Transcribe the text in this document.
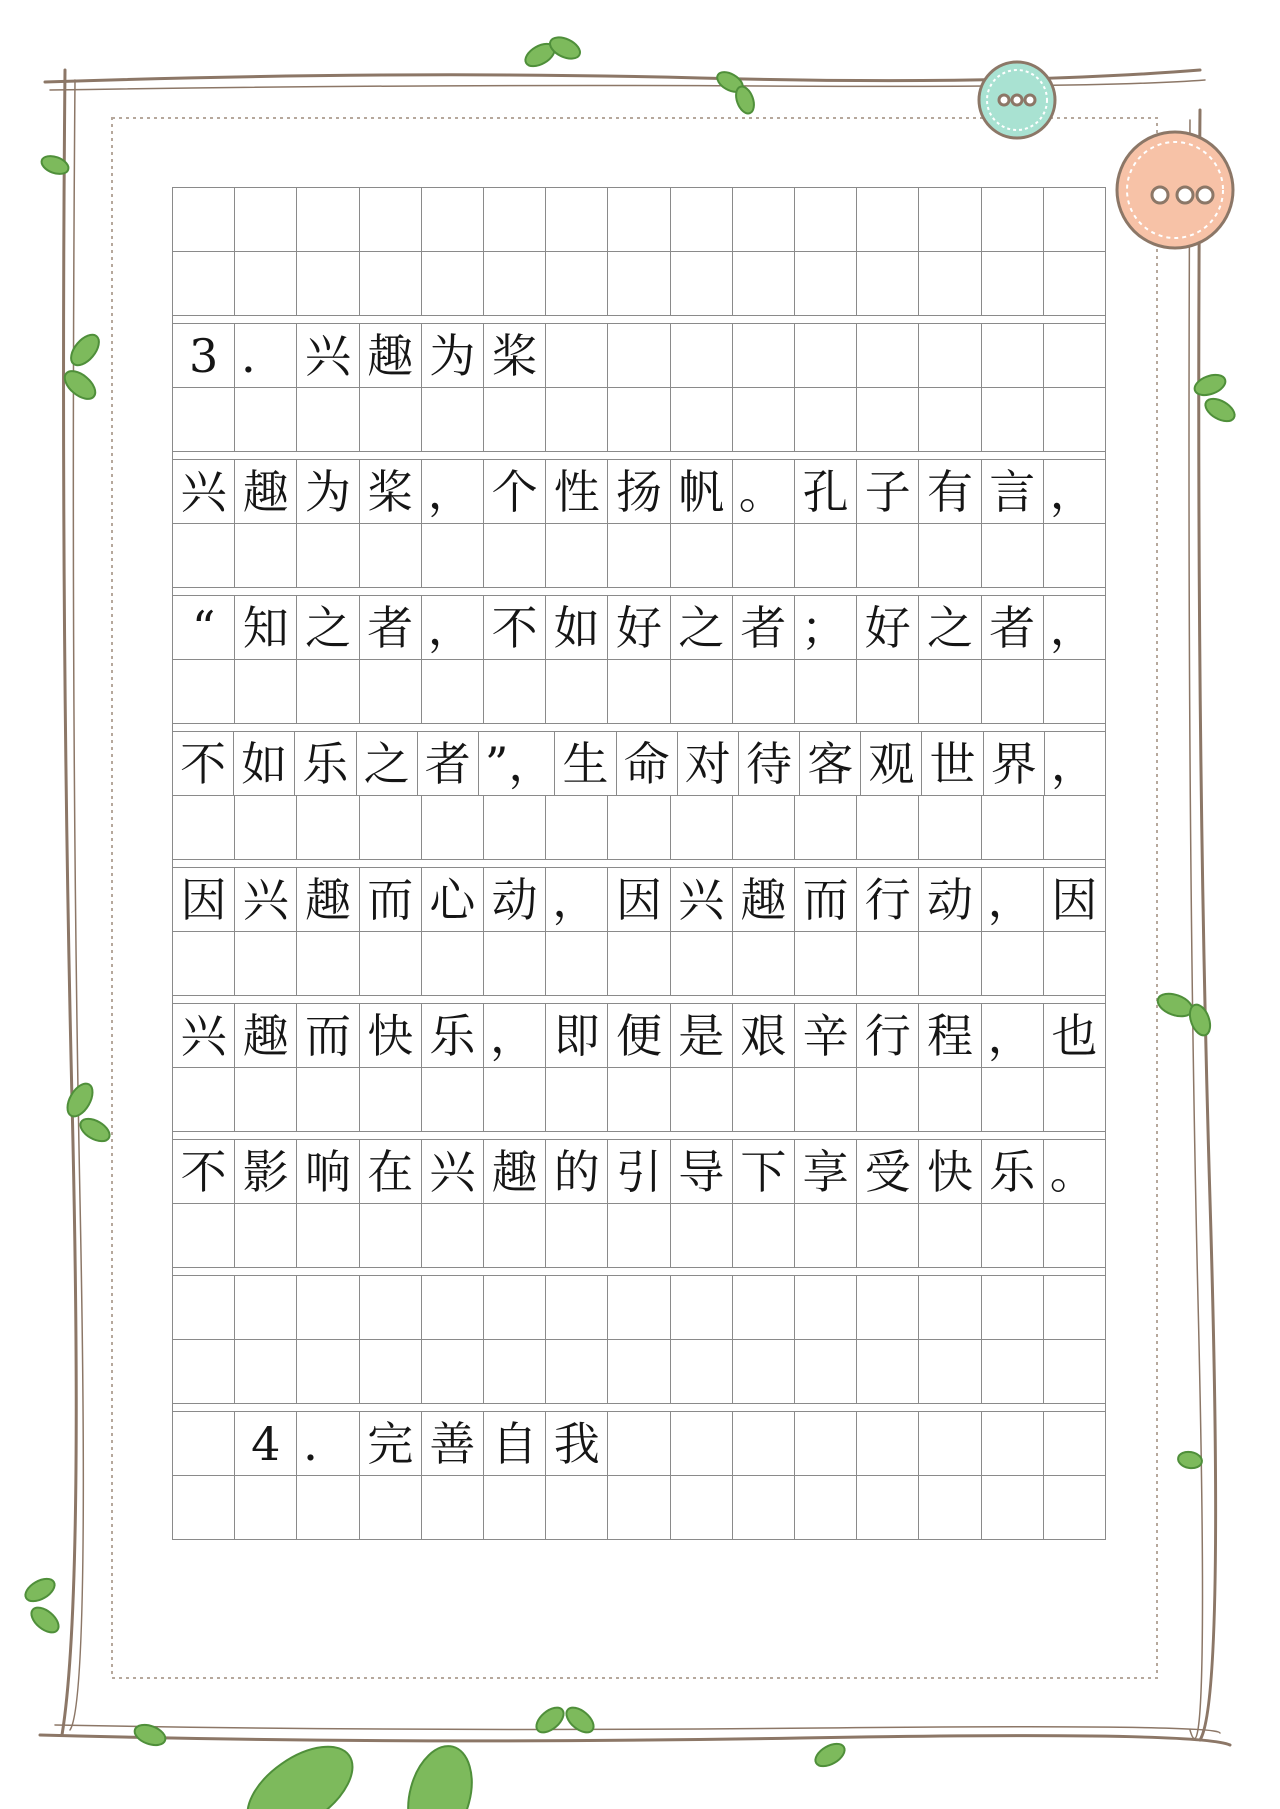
3 ． 兴 趣 为 桨
兴 趣 为 桨 ， 个 性 扬 帆 。 孔 子 有 言 ，
“ 知 之 者 ， 不 如 好 之 者 ； 好 之 者 ，
不 如 乐 之 者 ”， 生 命 对 待 客 观 世 界 ，
因 兴 趣 而 心 动 ， 因 兴 趣 而 行 动 ， 因
兴 趣 而 快 乐 ， 即 便 是 艰 辛 行 程 ， 也
不 影 响 在 兴 趣 的 引 导 下 享 受 快 乐 。
4 ． 完 善 自 我
